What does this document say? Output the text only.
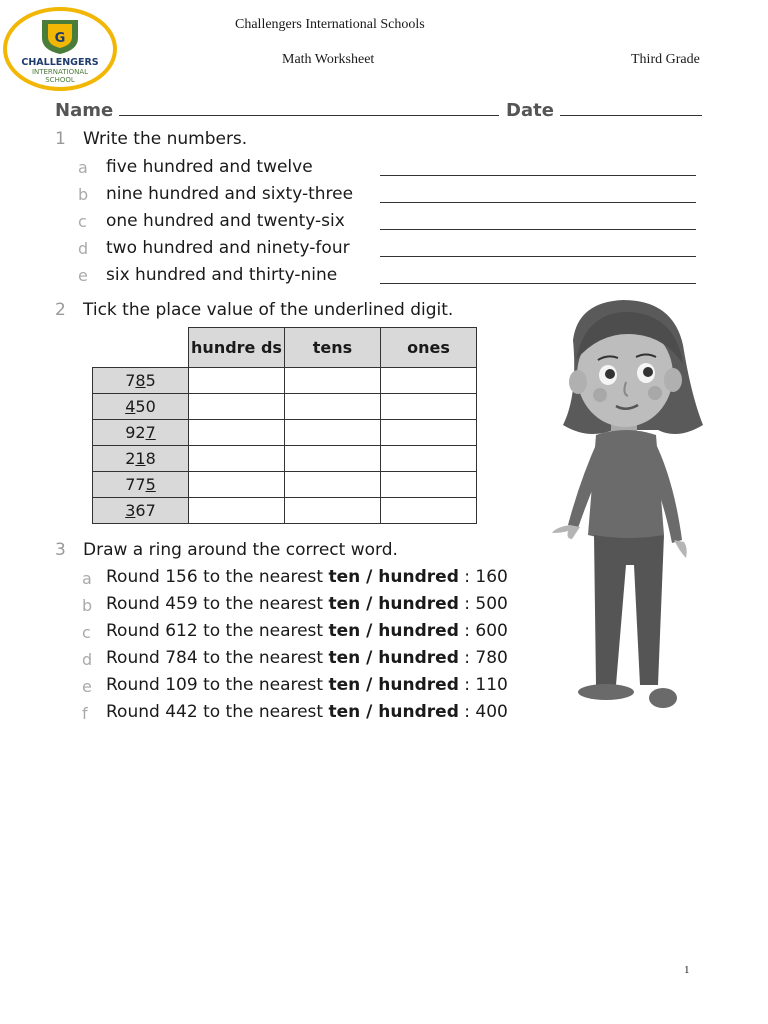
G
CHALLENGERS
INTERNATIONAL
SCHOOL
Challengers International Schools
Math Worksheet	Third Grade
Name	Date
1 Write the numbers.
a five hundred and twelve
b nine hundred and sixty-three
c one hundred and twenty-six
d two hundred and ninety-four
e six hundred and thirty-nine
2 Tick the place value of the underlined digit.
	hundre ds	tens	ones
785			
450			
927			
218			
775			
367			
3 Draw a ring around the correct word.
a Round 156 to the nearest ten / hundred : 160
b Round 459 to the nearest ten / hundred : 500
c Round 612 to the nearest ten / hundred : 600
d Round 784 to the nearest ten / hundred : 780
e Round 109 to the nearest ten / hundred : 110
f Round 442 to the nearest ten / hundred : 400
1
